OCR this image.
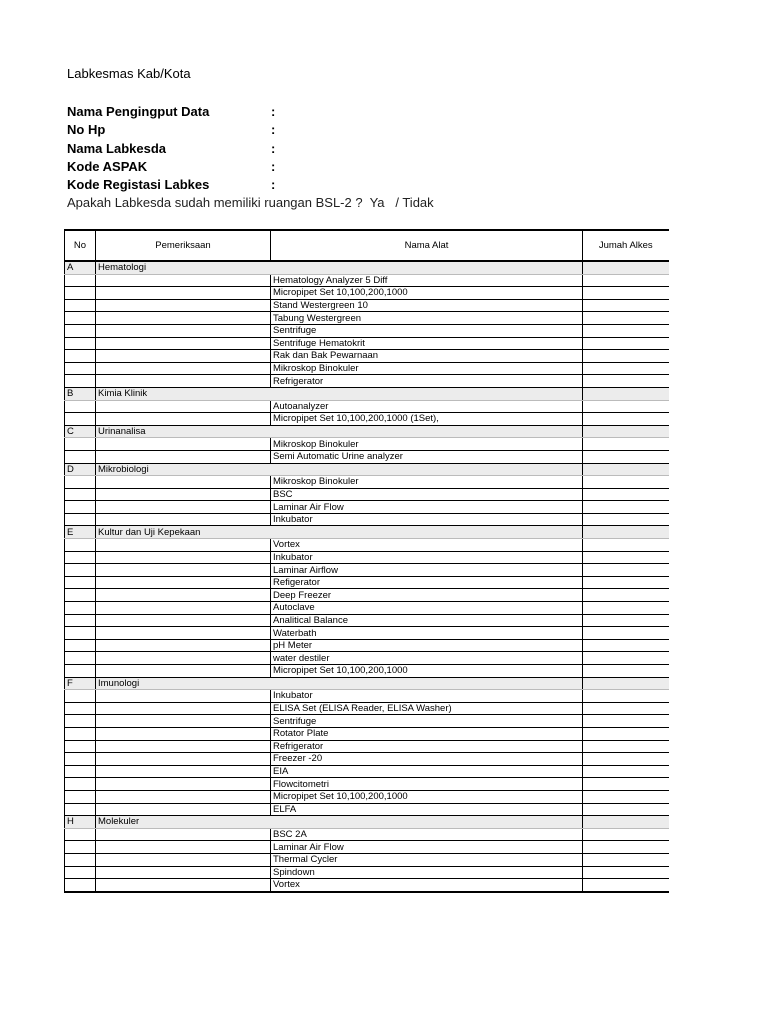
Labkesmas Kab/Kota
Nama Pengingput Data	:
No Hp	:
Nama Labkesda	:
Kode ASPAK	:
Kode Registasi Labkes	:
Apakah Labkesda sudah memiliki ruangan BSL-2 ? Ya / Tidak
No	Pemeriksaan	Nama Alat	Jumah Alkes
A	Hematologi		
		Hematology Analyzer 5 Diff	
		Micropipet Set 10,100,200,1000	
		Stand Westergreen 10	
		Tabung Westergreen	
		Sentrifuge	
		Sentrifuge Hematokrit	
		Rak dan Bak Pewarnaan	
		Mikroskop Binokuler	
		Refrigerator	
B	Kimia Klinik		
		Autoanalyzer	
		Micropipet Set 10,100,200,1000 (1Set),	
C	Urinanalisa		
		Mikroskop Binokuler	
		Semi Automatic Urine analyzer	
D	Mikrobiologi		
		Mikroskop Binokuler	
		BSC	
		Laminar Air Flow	
		Inkubator	
E	Kultur dan Uji Kepekaan		
		Vortex	
		Inkubator	
		Laminar Airflow	
		Refigerator	
		Deep Freezer	
		Autoclave	
		Analitical Balance	
		Waterbath	
		pH Meter	
		water destiler	
		Micropipet Set 10,100,200,1000	
F	Imunologi		
		Inkubator	
		ELISA Set (ELISA Reader, ELISA Washer)	
		Sentrifuge	
		Rotator Plate	
		Refrigerator	
		Freezer -20	
		EIA	
		Flowcitometri	
		Micropipet Set 10,100,200,1000	
		ELFA	
H	Molekuler		
		BSC 2A	
		Laminar Air Flow	
		Thermal Cycler	
		Spindown	
		Vortex	
